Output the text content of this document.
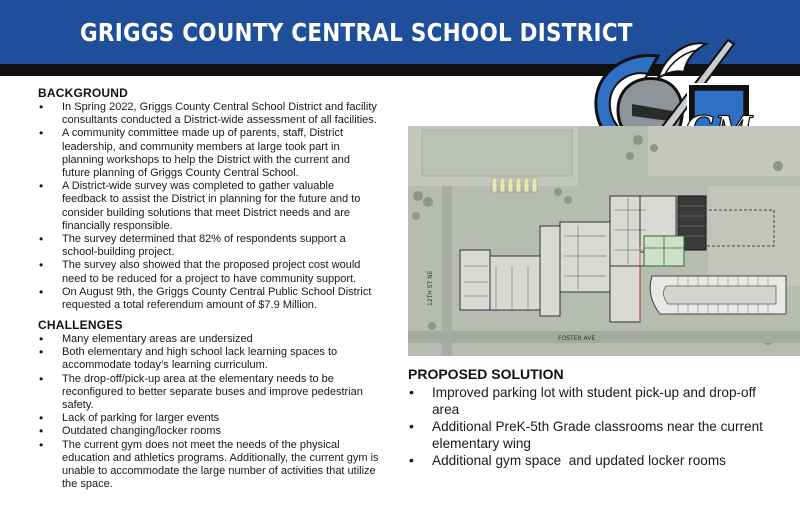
GRIGGS COUNTY CENTRAL SCHOOL DISTRICT
BACKGROUND
• In Spring 2022, Griggs County Central School District and facility consultants conducted a District-wide assessment of all facilities.
• A community committee made up of parents, staff, District leadership, and community members at large took part in planning workshops to help the District with the current and future planning of Griggs County Central School.
• A District-wide survey was completed to gather valuable feedback to assist the District in planning for the future and to consider building solutions that meet District needs and are financially responsible.
• The survey determined that 82% of respondents support a school-building project.
• The survey also showed that the proposed project cost would need to be reduced for a project to have community support.
• On August 9th, the Griggs County Central Public School District requested a total referendum amount of $7.9 Million.
CHALLENGES
• Many elementary areas are undersized
• Both elementary and high school lack learning spaces to accommodate today’s learning curriculum.
• The drop-off/pick-up area at the elementary needs to be reconfigured to better separate buses and improve pedestrian safety.
• Lack of parking for larger events
• Outdated changing/locker rooms
• The current gym does not meet the needs of the physical education and athletics programs. Additionally, the current gym is unable to accommodate the large number of activities that utilize the space.
12TH ST NE
FOSTER AVE
PROPOSED SOLUTION
• Improved parking lot with student pick-up and drop-off area
• Additional PreK-5th Grade classrooms near the current elementary wing
• Additional gym space  and updated locker rooms
